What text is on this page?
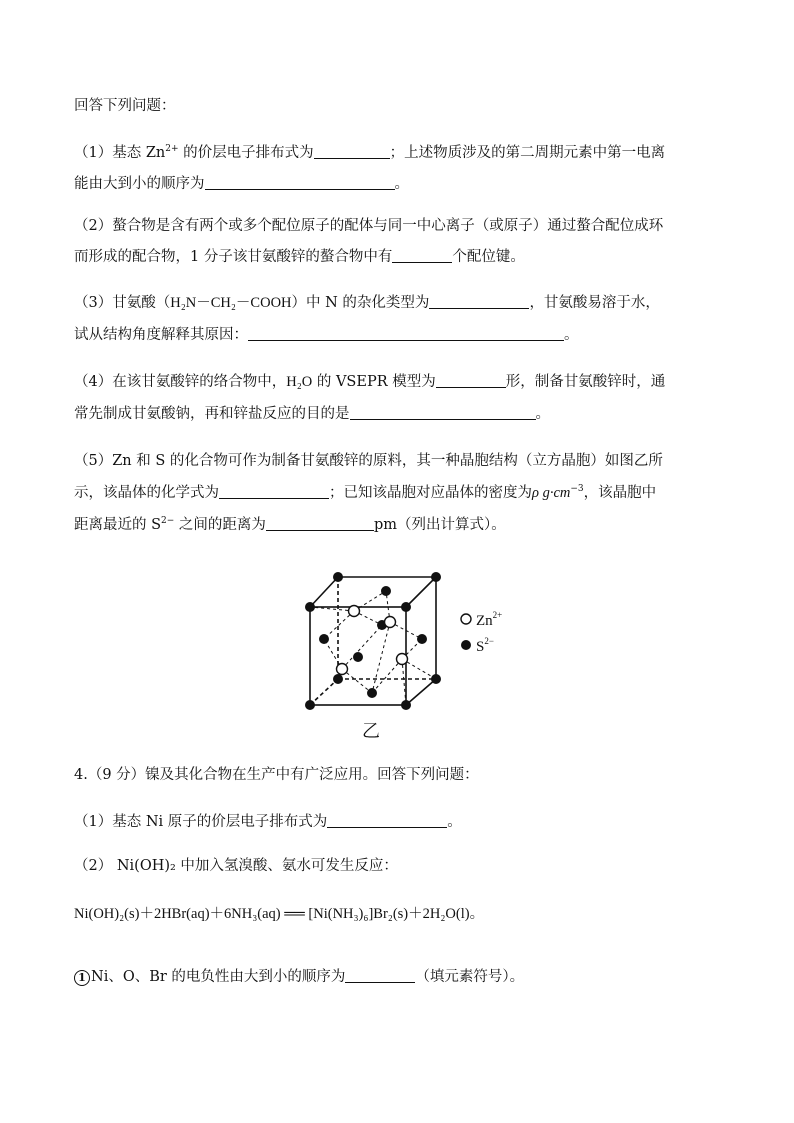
回答下列问题：
（1）基态 $Zn^{2+}$ 的价层电子排布式为	；上述物质涉及的第二周期元素中第一电离
能由大到小的顺序为	。
（2）螯合物是含有两个或多个配位原子的配体与同一中心离子（或原子）通过螯合配位成环
而形成的配合物，1 分子该甘氨酸锌的螯合物中有	个配位键。
（3）甘氨酸（H₂N－CH₂－COOH）中 N 的杂化类型为	，甘氨酸易溶于水，
试从结构角度解释其原因：	。
（4）在该甘氨酸锌的络合物中，H₂O 的 VSEPR 模型为	形，制备甘氨酸锌时，通
常先制成甘氨酸钠，再和锌盐反应的目的是	。
（5）Zn 和 S 的化合物可作为制备甘氨酸锌的原料，其一种晶胞结构（立方晶胞）如图乙所
示，该晶体的化学式为	；已知该晶胞对应晶体的密度为ρ $g\cdot cm^{-3}$，该晶胞中
距离最近的 $S^{2-}$ 之间的距离为	pm（列出计算式）。
$Zn^{2+}$
$S^{2-}$
乙
4.（9 分）镍及其化合物在生产中有广泛应用。回答下列问题：
（1）基态 Ni 原子的价层电子排布式为	。
（2） Ni(OH)₂ 中加入氢溴酸、氨水可发生反应：
Ni(OH)₂(s)＋2HBr(aq)＋6NH₃(aq) ══ [Ni(NH₃)₆]Br₂(s)＋2H₂O(l)。
1 Ni、O、Br 的电负性由大到小的顺序为	（填元素符号）。
